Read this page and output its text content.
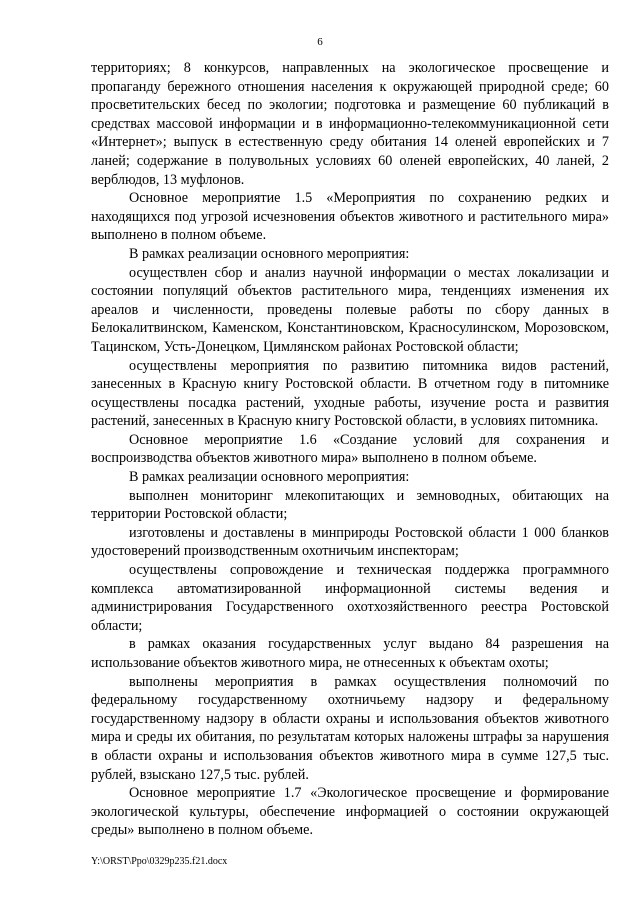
6

территориях; 8 конкурсов, направленных на экологическое просвещение и пропаганду бережного отношения населения к окружающей природной среде; 60 просветительских бесед по экологии; подготовка и размещение 60 публикаций в средствах массовой информации и в информационно-телекоммуникационной сети «Интернет»; выпуск в естественную среду обитания 14 оленей европейских и 7 ланей; содержание в полувольных условиях 60 оленей европейских, 40 ланей, 2 верблюдов, 13 муфлонов.

Основное мероприятие 1.5 «Мероприятия по сохранению редких и находящихся под угрозой исчезновения объектов животного и растительного мира» выполнено в полном объеме.

В рамках реализации основного мероприятия:

осуществлен сбор и анализ научной информации о местах локализации и состоянии популяций объектов растительного мира, тенденциях изменения их ареалов и численности, проведены полевые работы по сбору данных в Белокалитвинском, Каменском, Константиновском, Красносулинском, Морозовском, Тацинском, Усть-Донецком, Цимлянском районах Ростовской области;

осуществлены мероприятия по развитию питомника видов растений, занесенных в Красную книгу Ростовской области. В отчетном году в питомнике осуществлены посадка растений, уходные работы, изучение роста и развития растений, занесенных в Красную книгу Ростовской области, в условиях питомника.

Основное мероприятие 1.6 «Создание условий для сохранения и воспроизводства объектов животного мира» выполнено в полном объеме.

В рамках реализации основного мероприятия:

выполнен мониторинг млекопитающих и земноводных, обитающих на территории Ростовской области;

изготовлены и доставлены в минприроды Ростовской области 1 000 бланков удостоверений производственным охотничьим инспекторам;

осуществлены сопровождение и техническая поддержка программного комплекса автоматизированной информационной системы ведения и администрирования Государственного охотхозяйственного реестра Ростовской области;

в рамках оказания государственных услуг выдано 84 разрешения на использование объектов животного мира, не отнесенных к объектам охоты;

выполнены мероприятия в рамках осуществления полномочий по федеральному государственному охотничьему надзору и федеральному государственному надзору в области охраны и использования объектов животного мира и среды их обитания, по результатам которых наложены штрафы за нарушения в области охраны и использования объектов животного мира в сумме 127,5 тыс. рублей, взыскано 127,5 тыс. рублей.

Основное мероприятие 1.7 «Экологическое просвещение и формирование экологической культуры, обеспечение информацией о состоянии окружающей среды» выполнено в полном объеме.

Y:\ORST\Ppo\0329p235.f21.docx
